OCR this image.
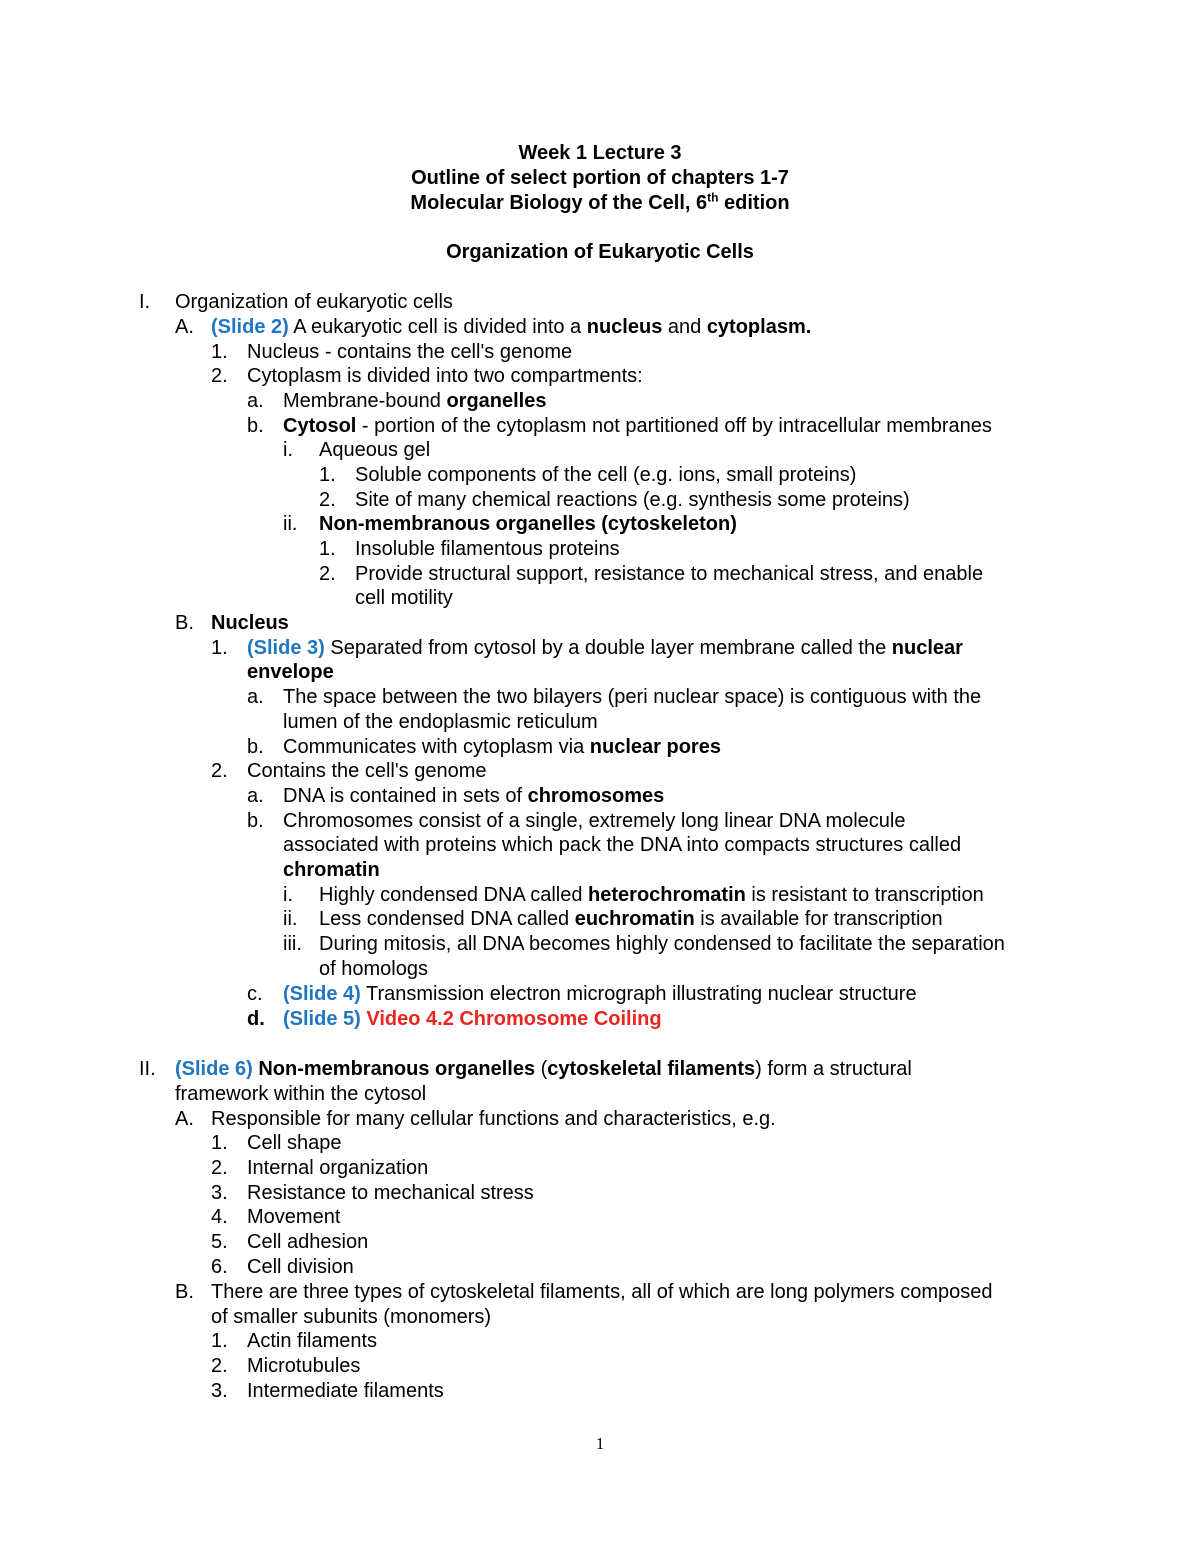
Week 1 Lecture 3
Outline of select portion of chapters 1-7
Molecular Biology of the Cell, 6th edition
Organization of Eukaryotic Cells
I. Organization of eukaryotic cells
A. (Slide 2) A eukaryotic cell is divided into a nucleus and cytoplasm.
1. Nucleus - contains the cell's genome
2. Cytoplasm is divided into two compartments:
a. Membrane-bound organelles
b. Cytosol - portion of the cytoplasm not partitioned off by intracellular membranes
i. Aqueous gel
1. Soluble components of the cell (e.g. ions, small proteins)
2. Site of many chemical reactions (e.g. synthesis some proteins)
ii. Non-membranous organelles (cytoskeleton)
1. Insoluble filamentous proteins
2. Provide structural support, resistance to mechanical stress, and enable
cell motility
B. Nucleus
1. (Slide 3) Separated from cytosol by a double layer membrane called the nuclear
envelope
a. The space between the two bilayers (peri nuclear space) is contiguous with the
lumen of the endoplasmic reticulum
b. Communicates with cytoplasm via nuclear pores
2. Contains the cell's genome
a. DNA is contained in sets of chromosomes
b. Chromosomes consist of a single, extremely long linear DNA molecule
associated with proteins which pack the DNA into compacts structures called
chromatin
i. Highly condensed DNA called heterochromatin is resistant to transcription
ii. Less condensed DNA called euchromatin is available for transcription
iii. During mitosis, all DNA becomes highly condensed to facilitate the separation
of homologs
c. (Slide 4) Transmission electron micrograph illustrating nuclear structure
d. (Slide 5) Video 4.2 Chromosome Coiling
II. (Slide 6) Non-membranous organelles (cytoskeletal filaments) form a structural
framework within the cytosol
A. Responsible for many cellular functions and characteristics, e.g.
1. Cell shape
2. Internal organization
3. Resistance to mechanical stress
4. Movement
5. Cell adhesion
6. Cell division
B. There are three types of cytoskeletal filaments, all of which are long polymers composed
of smaller subunits (monomers)
1. Actin filaments
2. Microtubules
3. Intermediate filaments
1
